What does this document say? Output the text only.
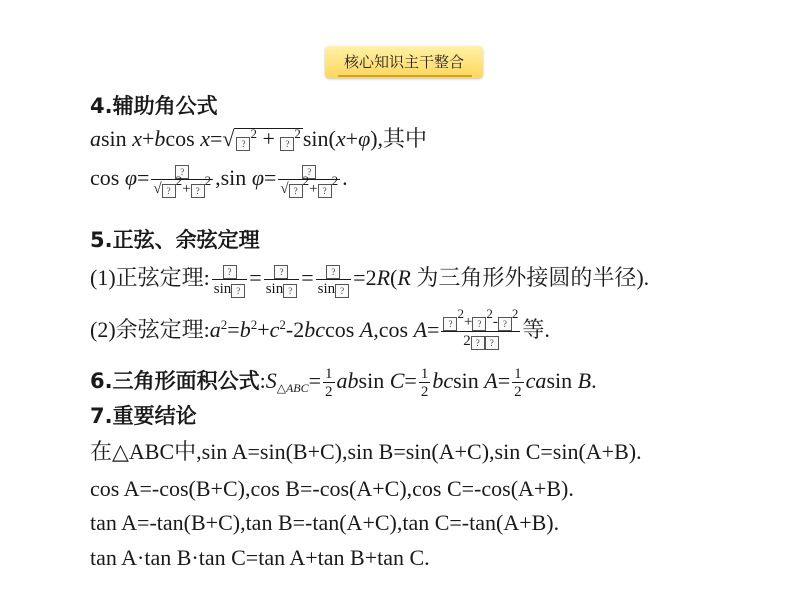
核心知识主干整合
4.辅助角公式
asin x+bcos x=√ ?$^2$ + ?$^2$sin(x+φ),其中
$\cos \varphi= \frac{?}{√ ?^2+ ?^2} ,\sin$ $\varphi= \frac{?}{√ ?^2+ ?^2}$ .
5.正弦、余弦定理
(1)正弦定理: $\frac{?}{\sin ?} = \frac{?}{\sin ?} = \frac{?}{\sin ?} =2R(R$ 为三角形外接圆的半径).
(2)余弦定理$:a^2=b^2+c^2-2bccos$ A,cos $A= \frac{?^2+ ?^2- ?^2}{2 ? ?}$ 等.
6.三角形面积公式$:S_{\triangle ABC}= \frac{1}{2}$ absin $C= \frac{1}{2}$ bcsin $A= \frac{1}{2}$ casin B.
7.重要结论
在△ABC中,sin A=sin(B+C),sin B=sin(A+C),sin C=sin(A+B).
cos A=-cos(B+C),cos B=-cos(A+C),cos C=-cos(A+B).
tan A=-tan(B+C),tan B=-tan(A+C),tan C=-tan(A+B).
tan A·tan B·tan C=tan A+tan B+tan C.
